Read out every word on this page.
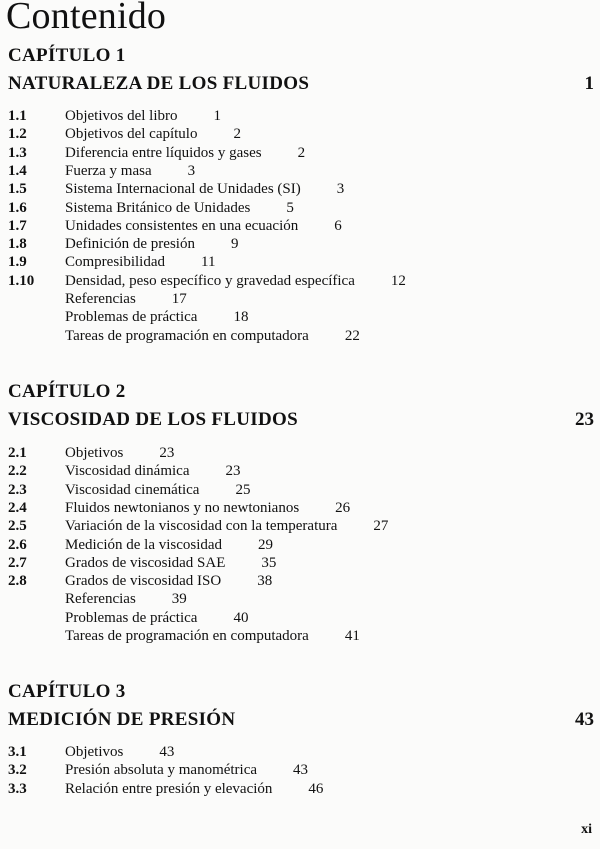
Contenido
CAPÍTULO 1
NATURALEZA DE LOS FLUIDOS	1
1.1	Objetivos del libro 1
1.2	Objetivos del capítulo 2
1.3	Diferencia entre líquidos y gases 2
1.4	Fuerza y masa 3
1.5	Sistema Internacional de Unidades (SI) 3
1.6	Sistema Británico de Unidades 5
1.7	Unidades consistentes en una ecuación 6
1.8	Definición de presión 9
1.9	Compresibilidad 11
1.10 Densidad, peso específico y gravedad específica 12
Referencias 17
Problemas de práctica 18
Tareas de programación en computadora 22
CAPÍTULO 2
VISCOSIDAD DE LOS FLUIDOS	23
2.1	Objetivos 23
2.2	Viscosidad dinámica 23
2.3	Viscosidad cinemática 25
2.4	Fluidos newtonianos y no newtonianos 26
2.5	Variación de la viscosidad con la temperatura 27
2.6	Medición de la viscosidad 29
2.7	Grados de viscosidad SAE 35
2.8	Grados de viscosidad ISO 38
Referencias 39
Problemas de práctica 40
Tareas de programación en computadora 41
CAPÍTULO 3
MEDICIÓN DE PRESIÓN	43
3.1	Objetivos 43
3.2	Presión absoluta y manométrica 43
3.3	Relación entre presión y elevación 46
xi
